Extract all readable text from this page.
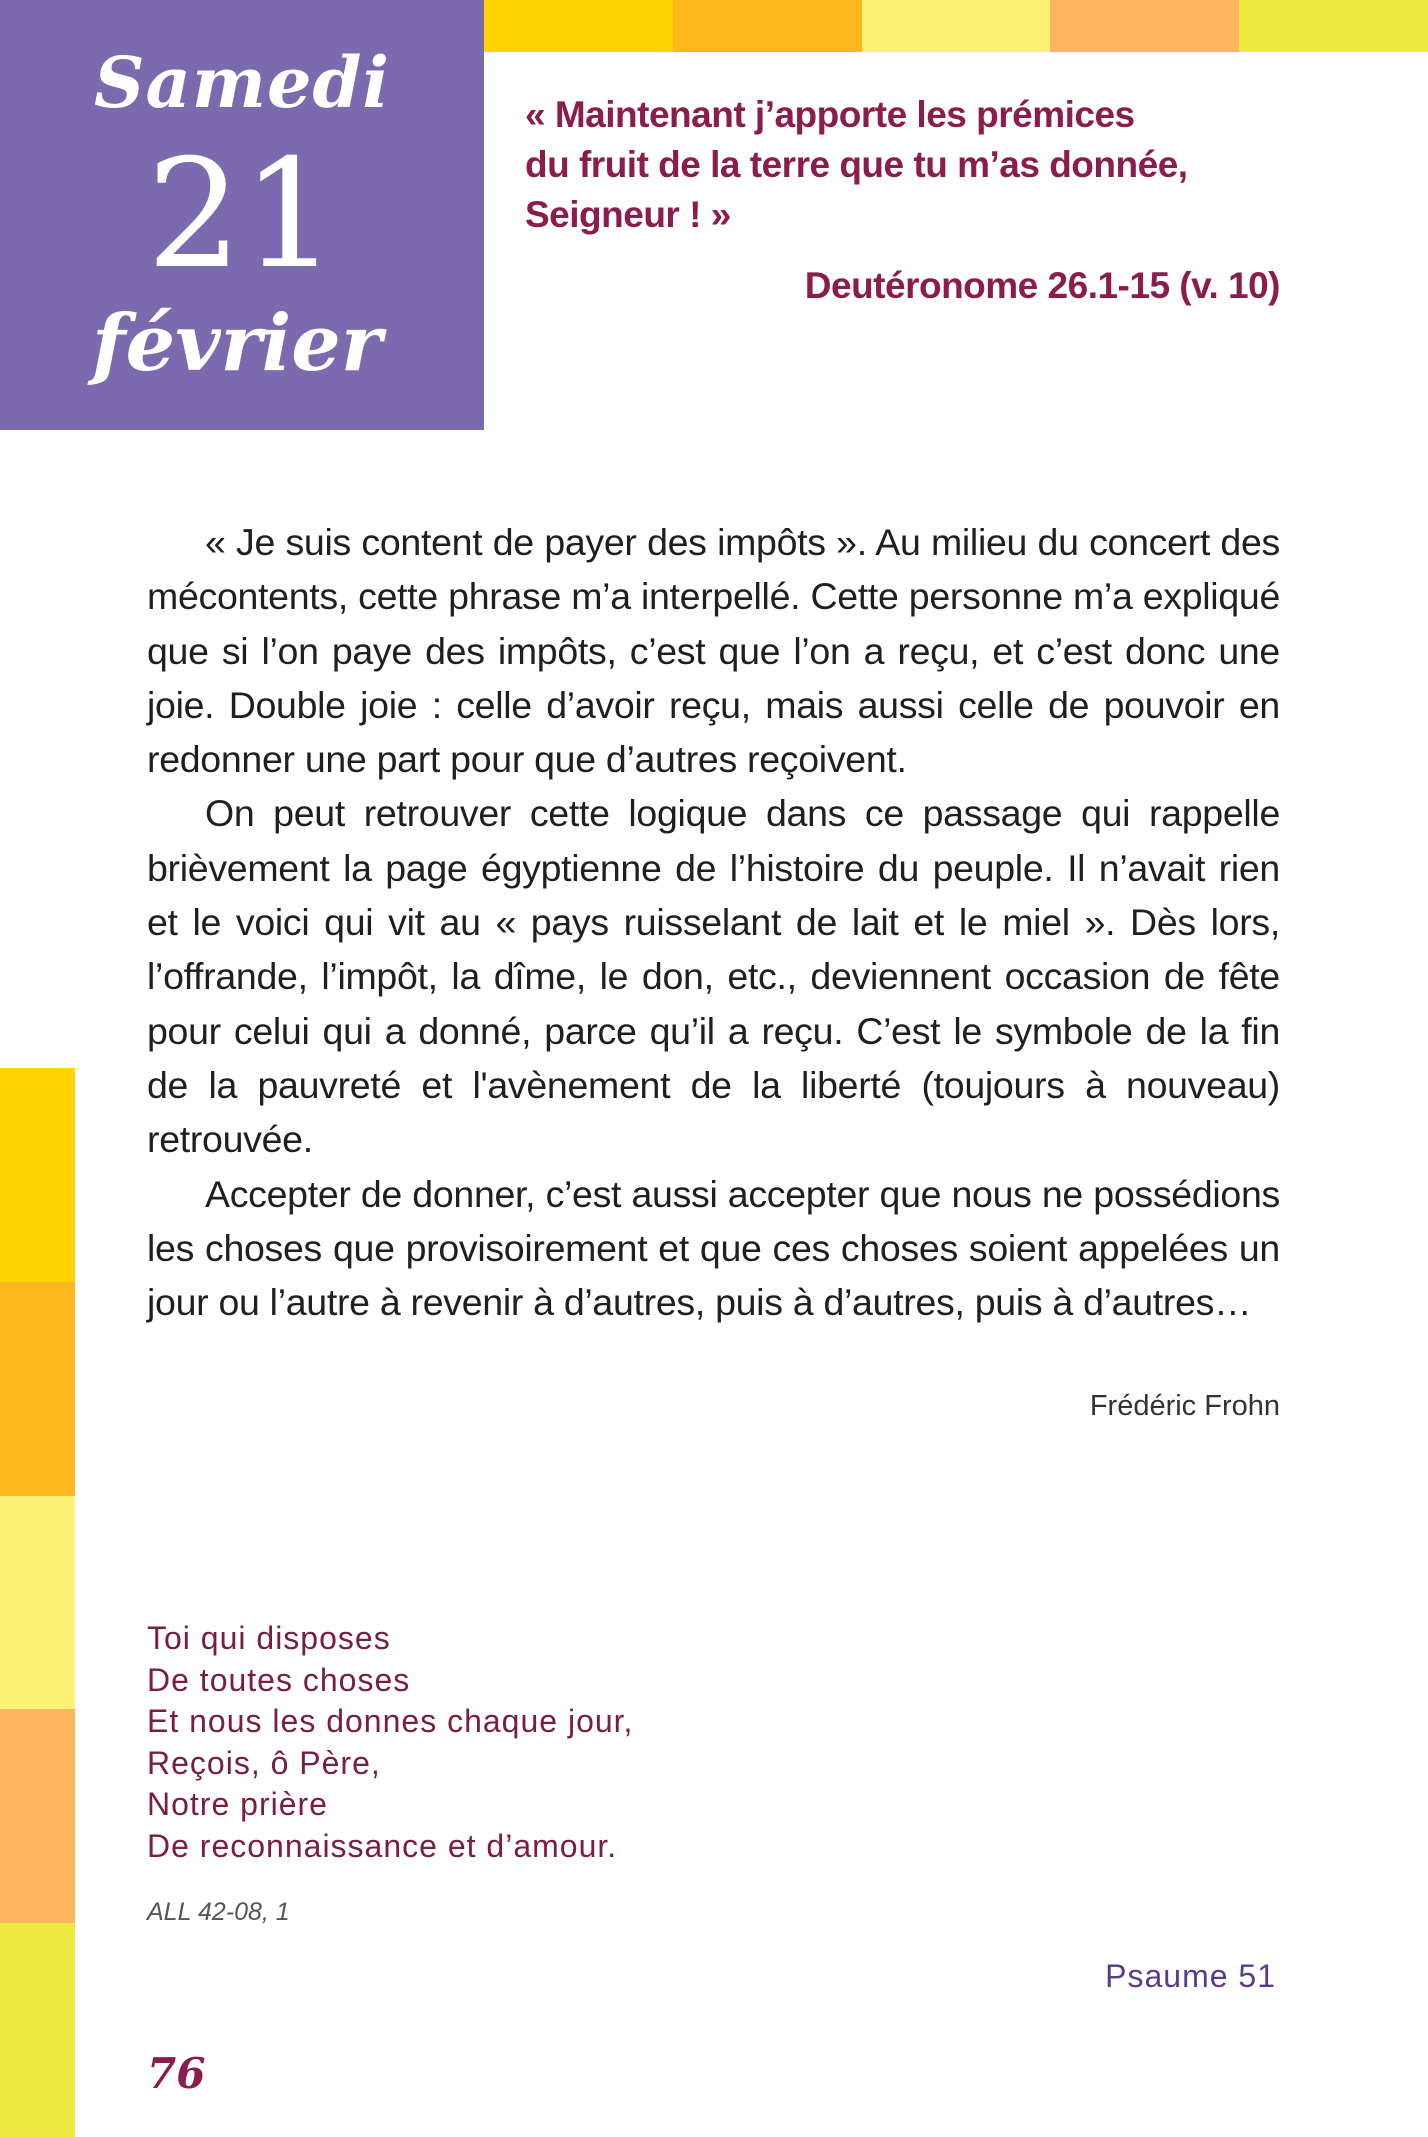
Samedi
21
février
« Maintenant j’apporte les prémices
du fruit de la terre que tu m’as donnée,
Seigneur ! »
Deutéronome 26.1-15 (v. 10)

« Je suis content de payer des impôts ». Au milieu du concert des mécontents, cette phrase m’a interpellé. Cette personne m’a expliqué que si l’on paye des impôts, c’est que l’on a reçu, et c’est donc une joie. Double joie : celle d’avoir reçu, mais aussi celle de pouvoir en redonner une part pour que d’autres reçoivent.

On peut retrouver cette logique dans ce passage qui rappelle brièvement la page égyptienne de l’histoire du peuple. Il n’avait rien et le voici qui vit au « pays ruisselant de lait et le miel ». Dès lors, l’offrande, l’impôt, la dîme, le don, etc., deviennent occasion de fête pour celui qui a donné, parce qu’il a reçu. C’est le symbole de la fin de la pauvreté et l'avènement de la liberté (toujours à nouveau) retrouvée.

Accepter de donner, c’est aussi accepter que nous ne possédions les choses que provisoirement et que ces choses soient appelées un jour ou l’autre à revenir à d’autres, puis à d’autres, puis à d’autres…

Frédéric Frohn
Toi qui disposes
De toutes choses
Et nous les donnes chaque jour,
Reçois, ô Père,
Notre prière
De reconnaissance et d’amour.
ALL 42-08, 1
Psaume 51
76
